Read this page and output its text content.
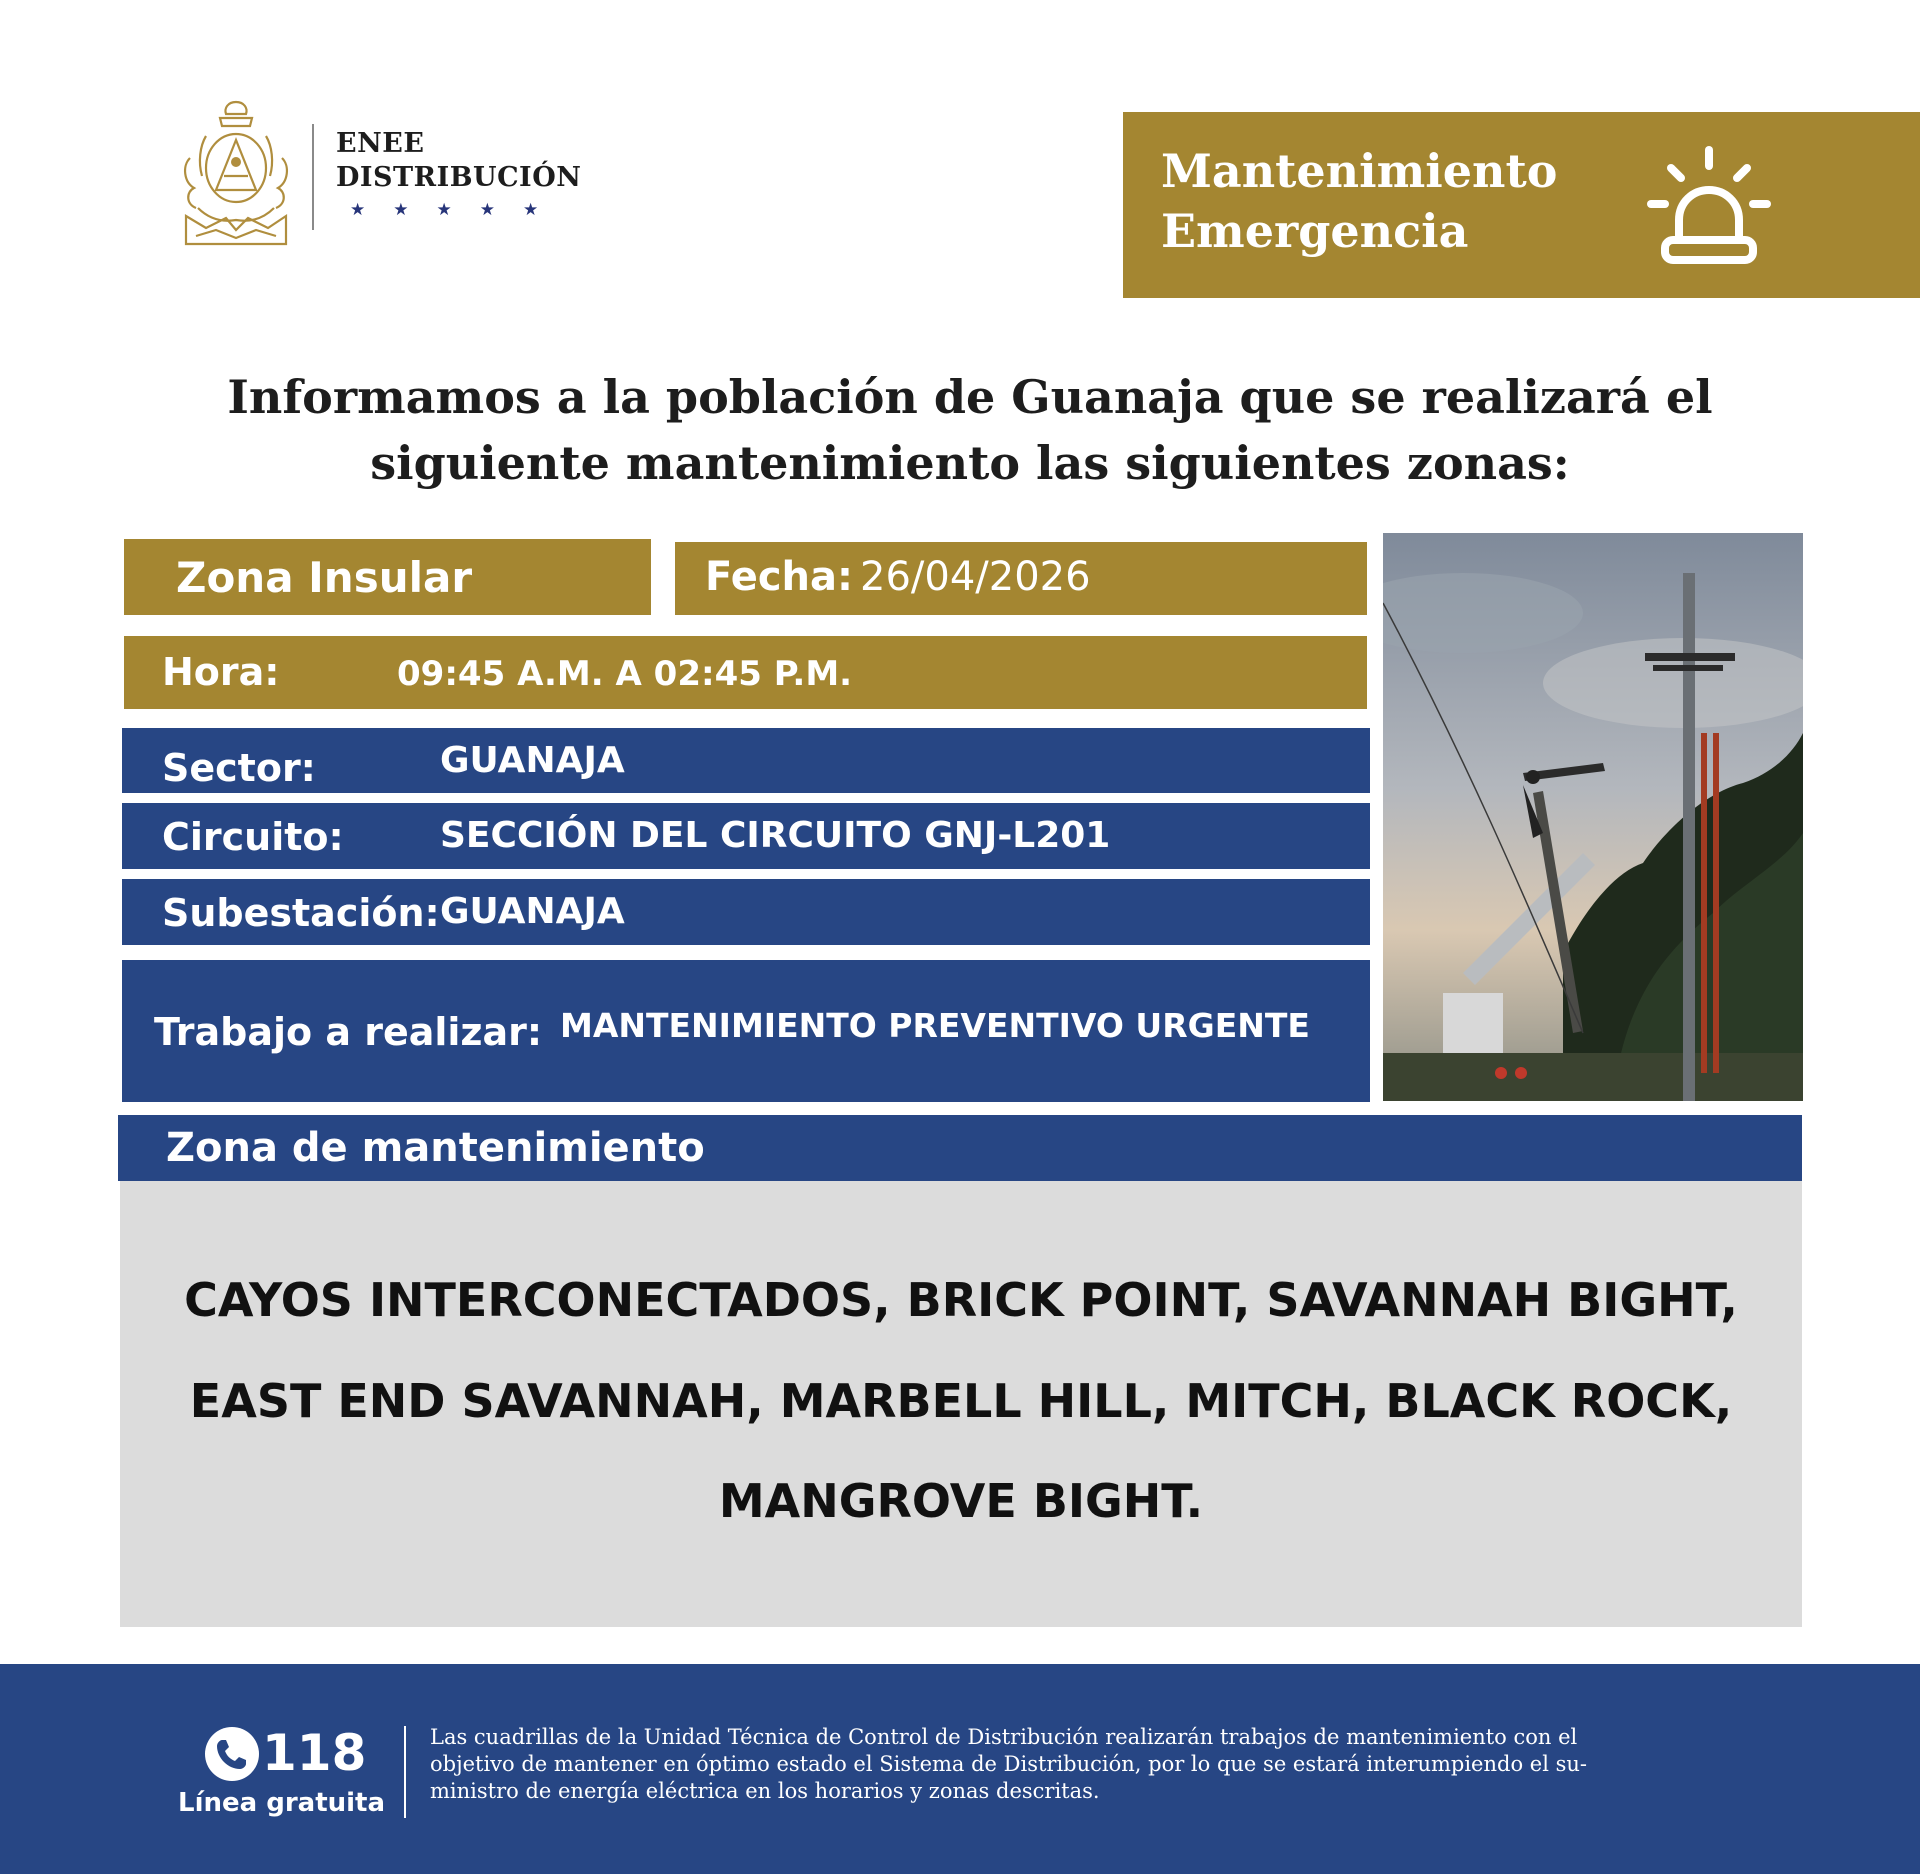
ENEE
DISTRIBUCIÓN
★★★★★
Mantenimiento
Emergencia
Informamos a la población de Guanaja que se realizará el
siguiente mantenimiento las siguientes zonas:
Zona Insular	Fecha: 26/04/2026
Hora:	09:45 A.M. A 02:45 P.M.
Sector:	GUANAJA
Circuito:	SECCIÓN DEL CIRCUITO GNJ-L201
Subestación: GUANAJA
Trabajo a realizar: MANTENIMIENTO PREVENTIVO URGENTE
Zona de mantenimiento
CAYOS INTERCONECTADOS, BRICK POINT, SAVANNAH BIGHT,
EAST END SAVANNAH, MARBELL HILL, MITCH, BLACK ROCK,
MANGROVE BIGHT.
118
Línea gratuita
Las cuadrillas de la Unidad Técnica de Control de Distribución realizarán trabajos de mantenimiento con el
objetivo de mantener en óptimo estado el Sistema de Distribución, por lo que se estará interumpiendo el su-
ministro de energía eléctrica en los horarios y zonas descritas.
